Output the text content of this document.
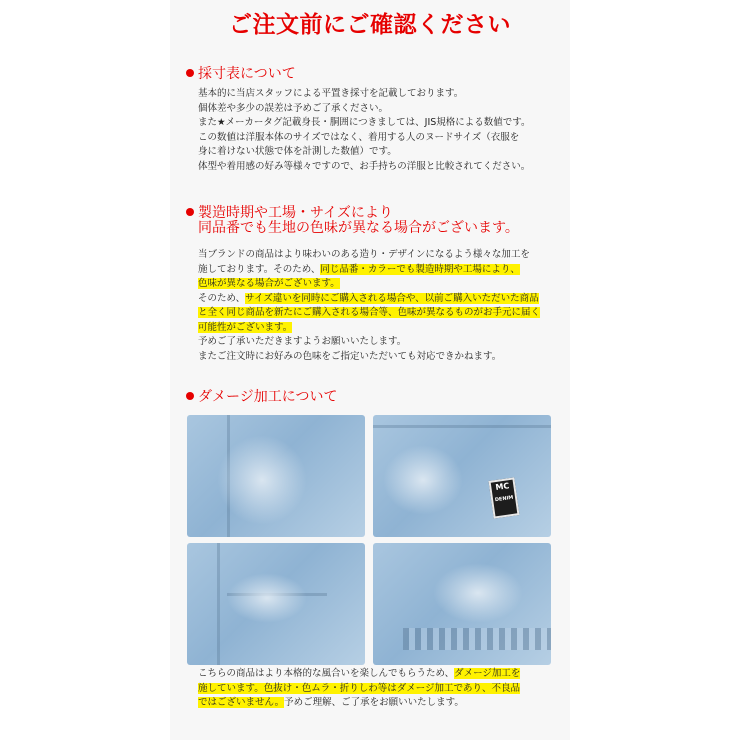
ご注文前にご確認ください
採寸表について
基本的に当店スタッフによる平置き採寸を記載しております。
個体差や多少の誤差は予めご了承ください。
また★メーカータグ記載身長・胴囲につきましては、JIS規格による数値です。
この数値は洋服本体のサイズではなく、着用する人のヌードサイズ（衣服を
身に着けない状態で体を計測した数値）です。
体型や着用感の好み等様々ですので、お手持ちの洋服と比較されてください。
製造時期や工場・サイズにより
同品番でも生地の色味が異なる場合がございます。
当ブランドの商品はより味わいのある造り・デザインになるよう様々な加工を
施しております。そのため、同じ品番・カラーでも製造時期や工場により、
色味が異なる場合がございます。
そのため、サイズ違いを同時にご購入される場合や、以前ご購入いただいた商品
と全く同じ商品を新たにご購入される場合等、色味が異なるものがお手元に届く
可能性がございます。
予めご了承いただきますようお願いいたします。
またご注文時にお好みの色味をご指定いただいても対応できかねます。
ダメージ加工について
MC
DENIM
こちらの商品はより本格的な風合いを楽しんでもらうため、ダメージ加工を
施しています。色抜け・色ムラ・折りしわ等はダメージ加工であり、不良品
ではございません。予めご理解、ご了承をお願いいたします。
